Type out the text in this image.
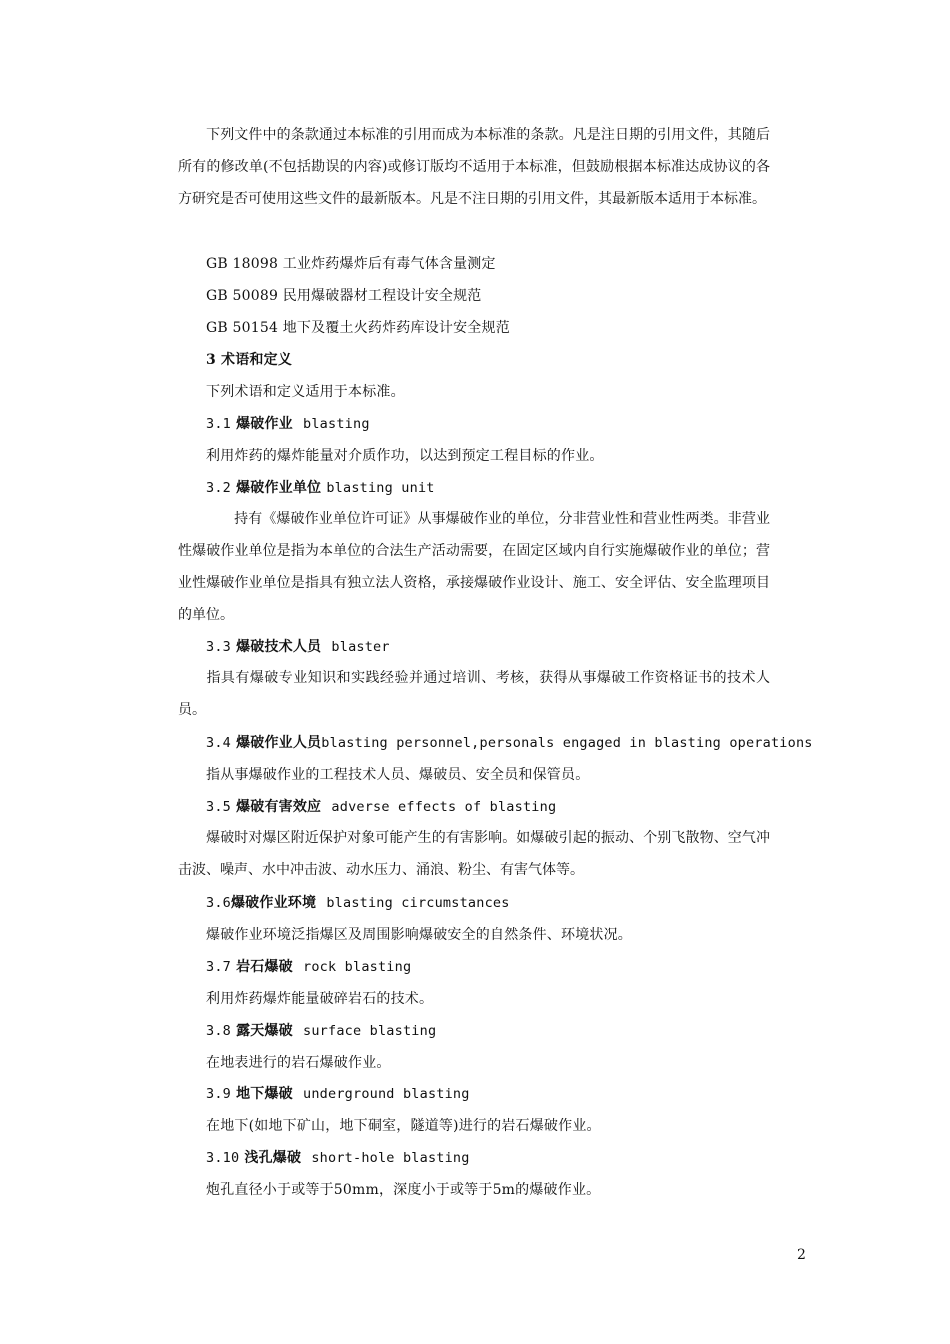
下列文件中的条款通过本标准的引用而成为本标准的条款。凡是注日期的引用文件，其随后所有的修改单(不包括勘误的内容)或修订版均不适用于本标准，但鼓励根据本标准达成协议的各方研究是否可使用这些文件的最新版本。凡是不注日期的引用文件，其最新版本适用于本标准。
GB 18098 工业炸药爆炸后有毒气体含量测定
GB 50089 民用爆破器材工程设计安全规范
GB 50154 地下及覆土火药炸药库设计安全规范
3 术语和定义
下列术语和定义适用于本标准。
3.1 爆破作业 blasting
利用炸药的爆炸能量对介质作功，以达到预定工程目标的作业。
3.2 爆破作业单位 blasting unit
持有《爆破作业单位许可证》从事爆破作业的单位，分非营业性和营业性两类。非营业性爆破作业单位是指为本单位的合法生产活动需要，在固定区域内自行实施爆破作业的单位；营业性爆破作业单位是指具有独立法人资格，承接爆破作业设计、施工、安全评估、安全监理项目的单位。
3.3 爆破技术人员 blaster
指具有爆破专业知识和实践经验并通过培训、考核，获得从事爆破工作资格证书的技术人员。
3.4 爆破作业人员blasting personnel,personals engaged in blasting operations
指从事爆破作业的工程技术人员、爆破员、安全员和保管员。
3.5 爆破有害效应 adverse effects of blasting
爆破时对爆区附近保护对象可能产生的有害影响。如爆破引起的振动、个别飞散物、空气冲击波、噪声、水中冲击波、动水压力、涌浪、粉尘、有害气体等。
3.6爆破作业环境 blasting circumstances
爆破作业环境泛指爆区及周围影响爆破安全的自然条件、环境状况。
3.7 岩石爆破 rock blasting
利用炸药爆炸能量破碎岩石的技术。
3.8 露天爆破 surface blasting
在地表进行的岩石爆破作业。
3.9 地下爆破 underground blasting
在地下(如地下矿山，地下硐室，隧道等)进行的岩石爆破作业。
3.10 浅孔爆破 short-hole blasting
炮孔直径小于或等于50mm，深度小于或等于5m的爆破作业。
2
